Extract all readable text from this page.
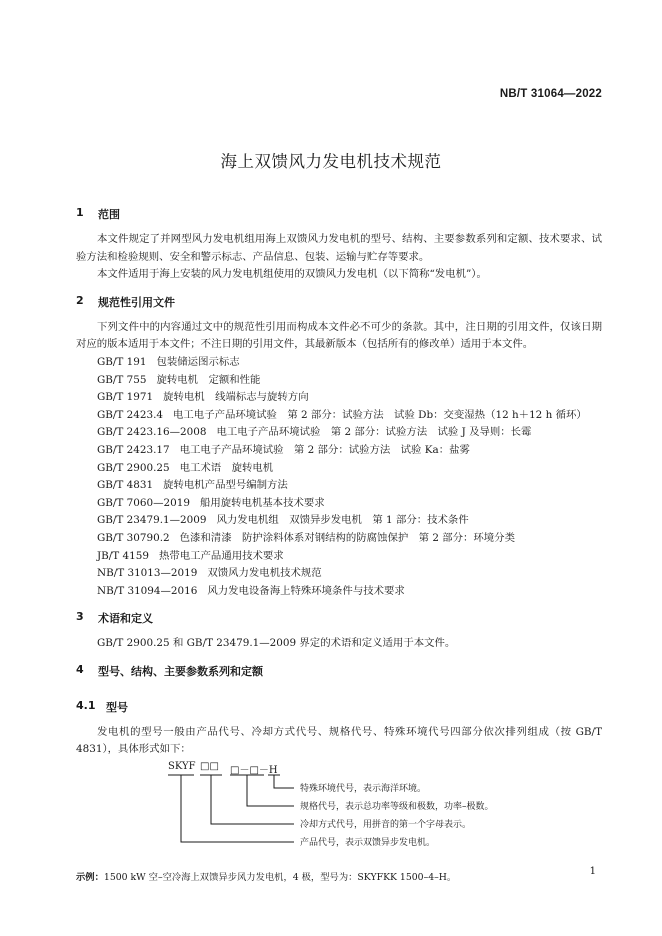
NB/T 31064—2022
海上双馈风力发电机技术规范
1	范围

本文件规定了并网型风力发电机组用海上双馈风力发电机的型号、结构、主要参数系列和定额、技术要求、试验方法和检验规则、安全和警示标志、产品信息、包装、运输与贮存等要求。

本文件适用于海上安装的风力发电机组使用的双馈风力发电机（以下简称“发电机”）。

2	规范性引用文件

下列文件中的内容通过文中的规范性引用而构成本文件必不可少的条款。其中，注日期的引用文件，仅该日期对应的版本适用于本文件；不注日期的引用文件，其最新版本（包括所有的修改单）适用于本文件。

GB/T 191 包装储运图示标志

GB/T 755 旋转电机　定额和性能

GB/T 1971 旋转电机　线端标志与旋转方向

GB/T 2423.4 电工电子产品环境试验　第 2 部分：试验方法　试验 Db：交变湿热（12 h＋12 h 循环）

GB/T 2423.16—2008 电工电子产品环境试验　第 2 部分：试验方法　试验 J 及导则：长霉

GB/T 2423.17 电工电子产品环境试验　第 2 部分：试验方法　试验 Ka：盐雾

GB/T 2900.25 电工术语　旋转电机

GB/T 4831 旋转电机产品型号编制方法

GB/T 7060—2019 船用旋转电机基本技术要求

GB/T 23479.1—2009 风力发电机组　双馈异步发电机　第 1 部分：技术条件

GB/T 30790.2 色漆和清漆　防护涂料体系对钢结构的防腐蚀保护　第 2 部分：环境分类

JB/T 4159 热带电工产品通用技术要求

NB/T 31013—2019 双馈风力发电机技术规范

NB/T 31094—2016 风力发电设备海上特殊环境条件与技术要求

3	术语和定义

GB/T 2900.25 和 GB/T 23479.1—2009 界定的术语和定义适用于本文件。

4	型号、结构、主要参数系列和定额
4.1 型号

发电机的型号一般由产品代号、冷却方式代号、规格代号、特殊环境代号四部分依次排列组成（按 GB/T 4831），具体形式如下：

SKYF □□ □－□－H
特殊环境代号，表示海洋环境。
规格代号，表示总功率等级和极数，功率–极数。
冷却方式代号，用拼音的第一个字母表示。
产品代号，表示双馈异步发电机。

示例：1500 kW 空–空冷海上双馈异步风力发电机，4 极，型号为：SKYFKK 1500–4–H。

1
